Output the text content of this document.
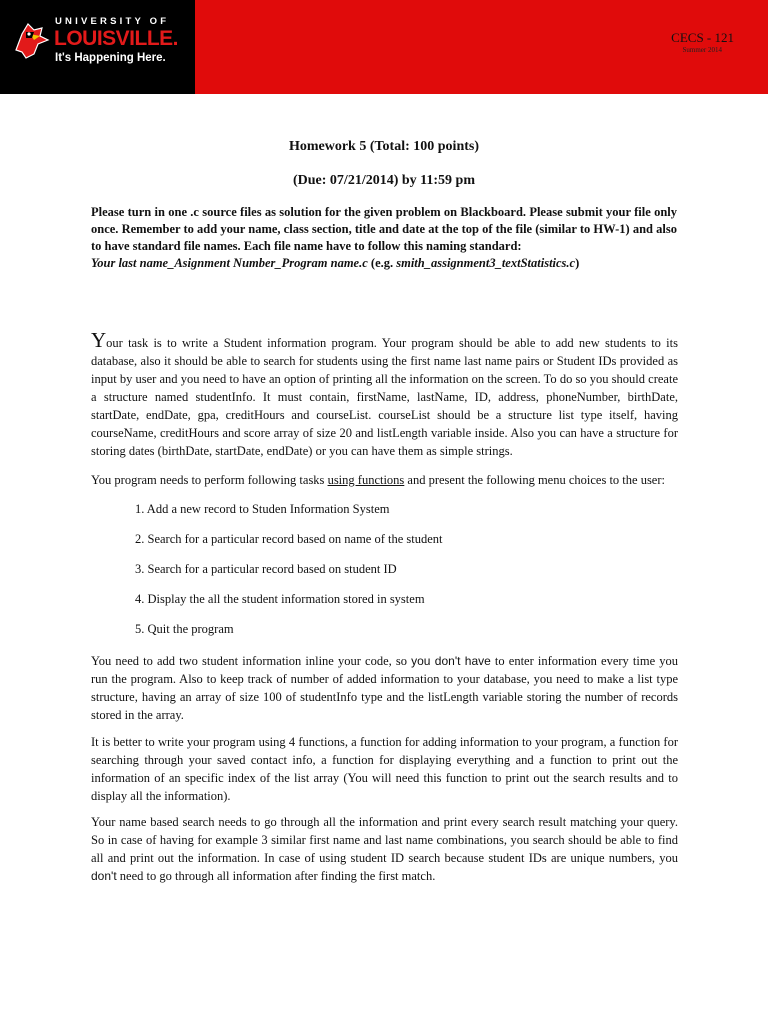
UNIVERSITY OF
LOUISVILLE.
It's Happening Here.
CECS - 121
Summer 2014
Homework 5 (Total: 100 points)
(Due: 07/21/2014) by 11:59 pm
Please turn in one .c source files as solution for the given problem on Blackboard. Please submit your file only once. Remember to add your name, class section, title and date at the top of the file (similar to HW-1) and also to have standard file names. Each file name have to follow this naming standard:
Your last name_Asignment Number_Program name.c (e.g. smith_assignment3_textStatistics.c)
Your task is to write a Student information program. Your program should be able to add new students to its database, also it should be able to search for students using the first name last name pairs or Student IDs provided as input by user and you need to have an option of printing all the information on the screen. To do so you should create a structure named studentInfo. It must contain, firstName, lastName, ID, address, phoneNumber, birthDate, startDate, endDate, gpa, creditHours and courseList. courseList should be a structure list type itself, having courseName, creditHours and score array of size 20 and listLength variable inside. Also you can have a structure for storing dates (birthDate, startDate, endDate) or you can have them as simple strings.
You program needs to perform following tasks using functions and present the following menu choices to the user:
1. Add a new record to Studen Information System
2. Search for a particular record based on name of the student
3. Search for a particular record based on student ID
4. Display the all the student information stored in system
5. Quit the program
You need to add two student information inline your code, so you don't have to enter information every time you run the program. Also to keep track of number of added information to your database, you need to make a list type structure, having an array of size 100 of studentInfo type and the listLength variable storing the number of records stored in the array.
It is better to write your program using 4 functions, a function for adding information to your program, a function for searching through your saved contact info, a function for displaying everything and a function to print out the information of an specific index of the list array (You will need this function to print out the search results and to display all the information).
Your name based search needs to go through all the information and print every search result matching your query. So in case of having for example 3 similar first name and last name combinations, you search should be able to find all and print out the information. In case of using student ID search because student IDs are unique numbers, you don't need to go through all information after finding the first match.
